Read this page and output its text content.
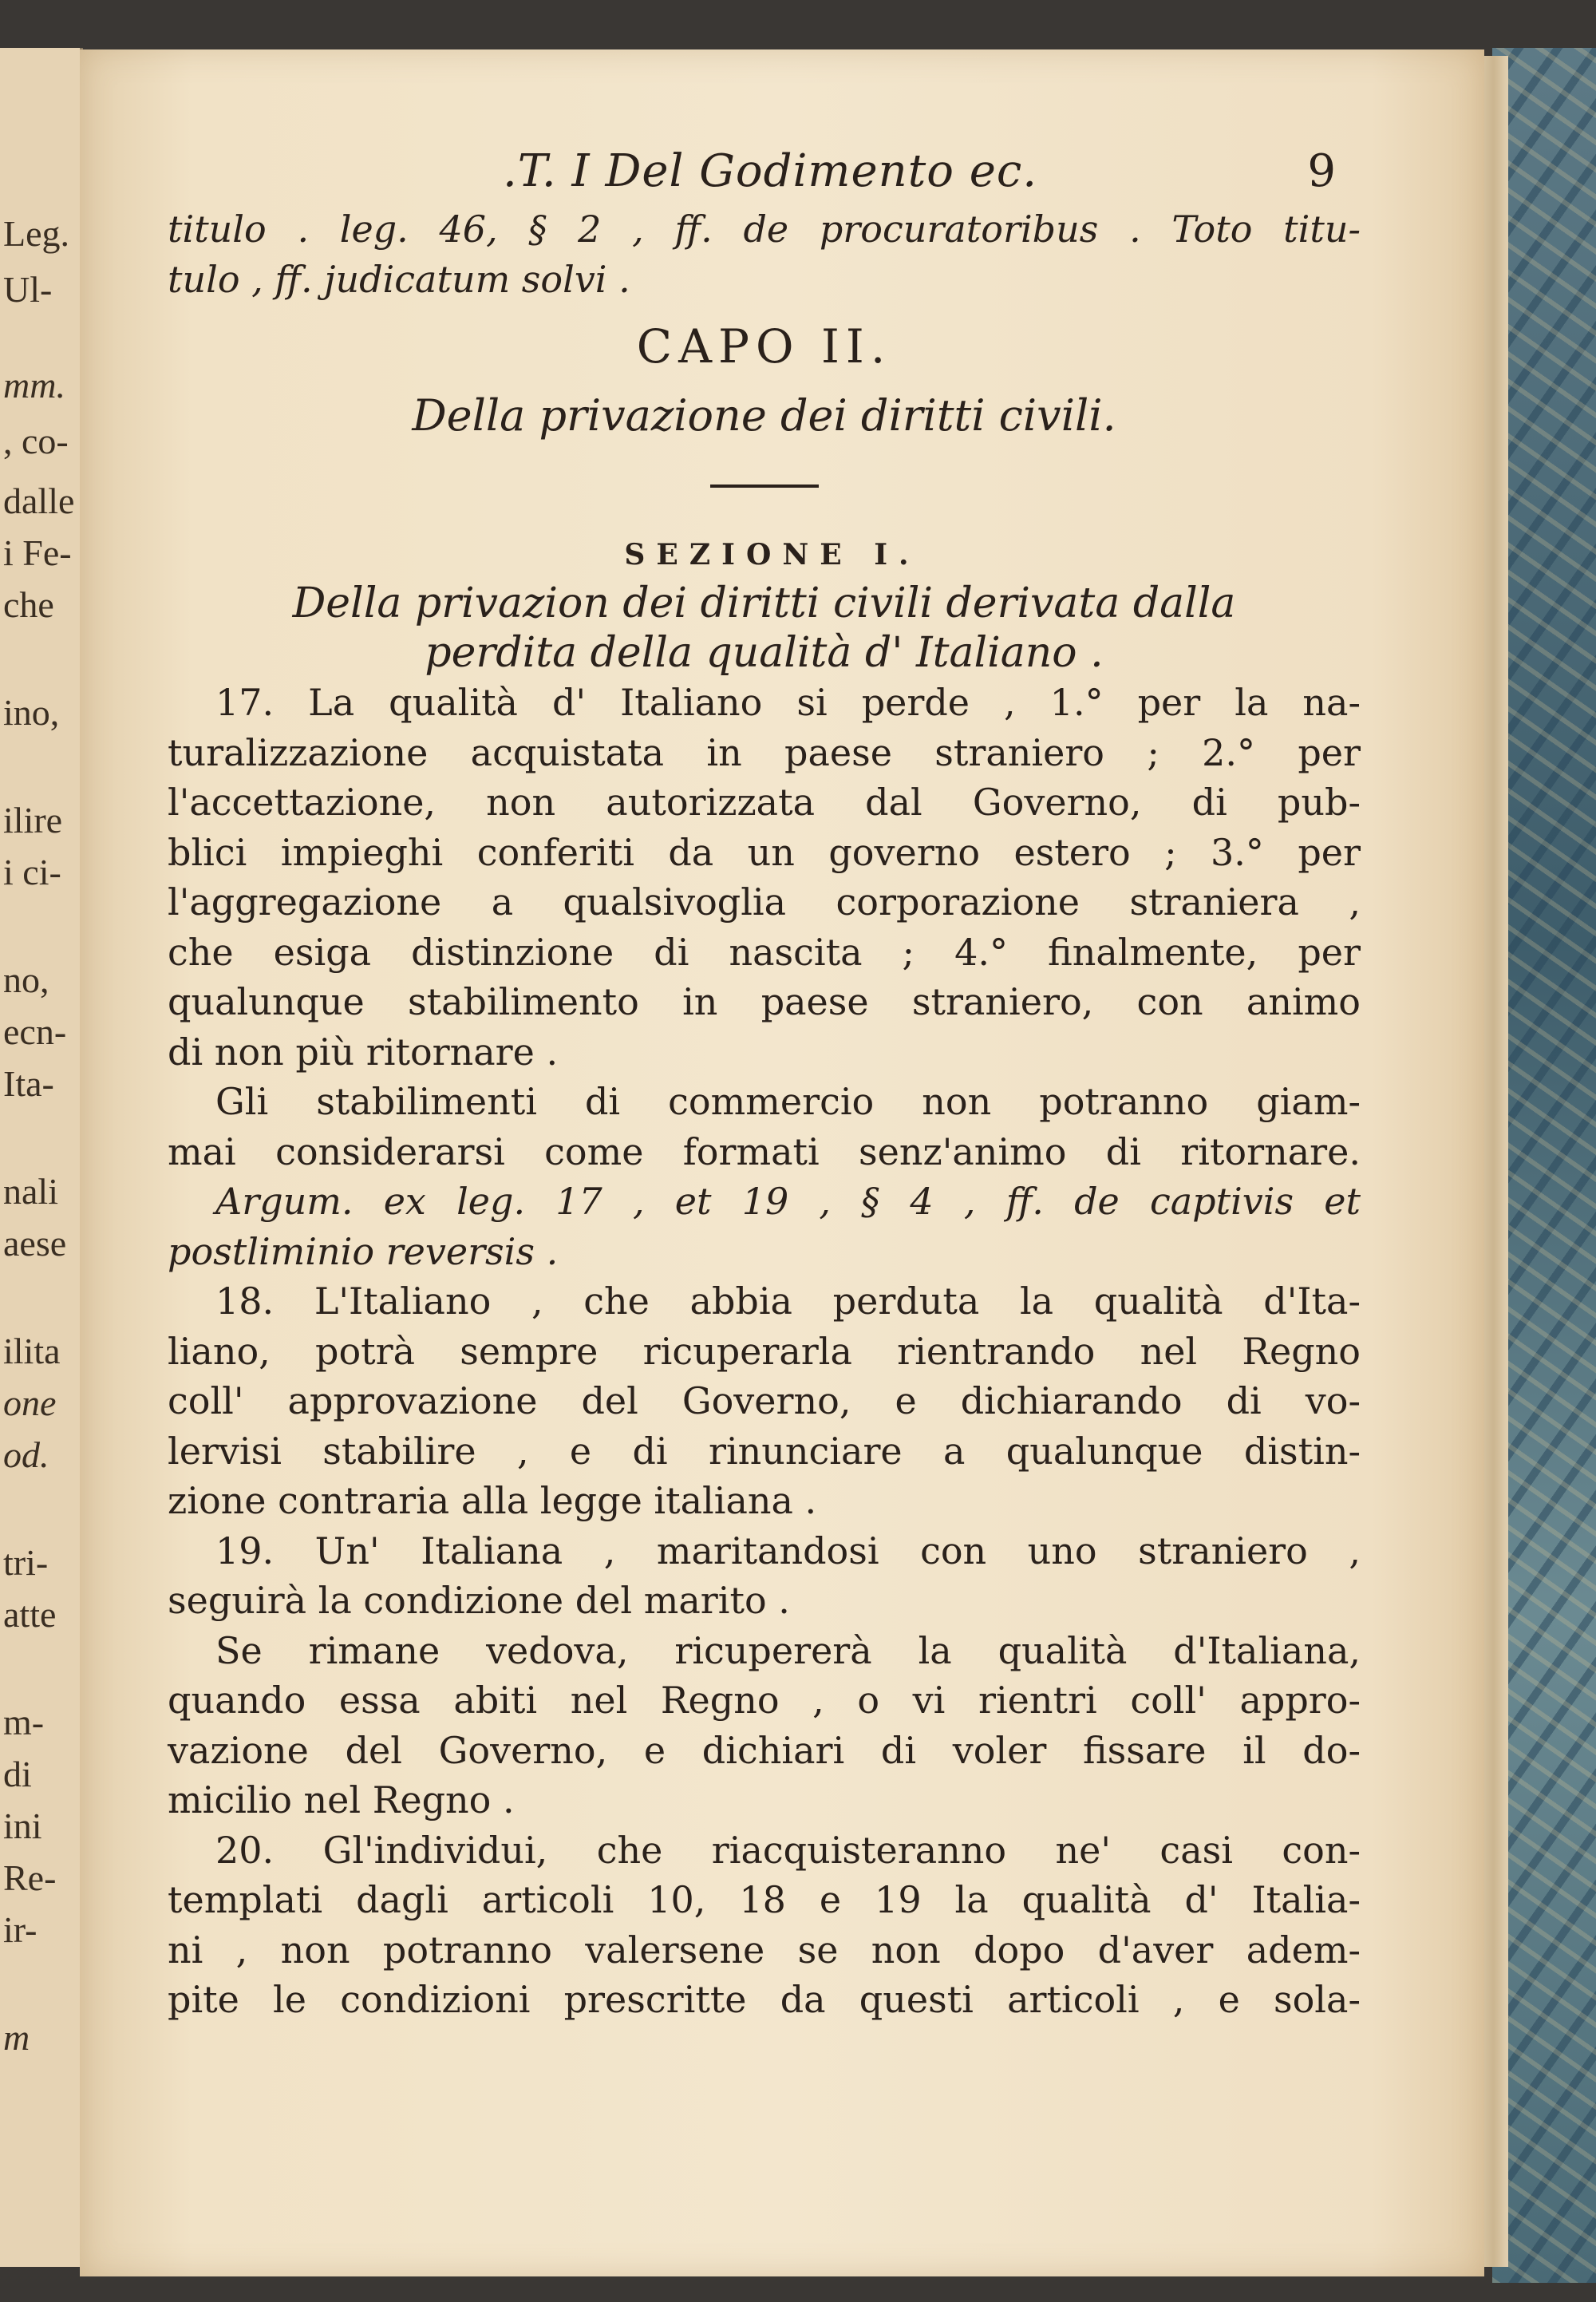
Leg.
Ul-
mm.
, co-
dalle
i Fe-
che
ino,
ilire
i ci-
no,
ecn-
Ita-
nali
aese
ilita
one
od.
tri-
atte
m-
di
ini
Re-
ir-
m
.T. I Del Godimento ec.	9
titulo . leg. 46, § 2 , ff. de procuratoribus . Toto titu-
tulo , ff. judicatum solvi .
CAPO II.
Della privazione dei diritti civili.
SEZIONE I.
Della privazion dei diritti civili derivata dalla
perdita della qualità d' Italiano .
17. La qualità d' Italiano si perde , 1.° per la na-
turalizzazione acquistata in paese straniero ; 2.° per
l'accettazione, non autorizzata dal Governo, di pub-
blici impieghi conferiti da un governo estero ; 3.° per
l'aggregazione a qualsivoglia corporazione straniera ,
che esiga distinzione di nascita ; 4.° finalmente, per
qualunque stabilimento in paese straniero, con animo
di non più ritornare .
Gli stabilimenti di commercio non potranno giam-
mai considerarsi come formati senz'animo di ritornare.
Argum. ex leg. 17 , et 19 , § 4 , ff. de captivis et
postliminio reversis .
18. L'Italiano , che abbia perduta la qualità d'Ita-
liano, potrà sempre ricuperarla rientrando nel Regno
coll' approvazione del Governo, e dichiarando di vo-
lervisi stabilire , e di rinunciare a qualunque distin-
zione contraria alla legge italiana .
19. Un' Italiana , maritandosi con uno straniero ,
seguirà la condizione del marito .
Se rimane vedova, ricupererà la qualità d'Italiana,
quando essa abiti nel Regno , o vi rientri coll' appro-
vazione del Governo, e dichiari di voler fissare il do-
micilio nel Regno .
20. Gl'individui, che riacquisteranno ne' casi con-
templati dagli articoli 10, 18 e 19 la qualità d' Italia-
ni , non potranno valersene se non dopo d'aver adem-
pite le condizioni prescritte da questi articoli , e sola-
